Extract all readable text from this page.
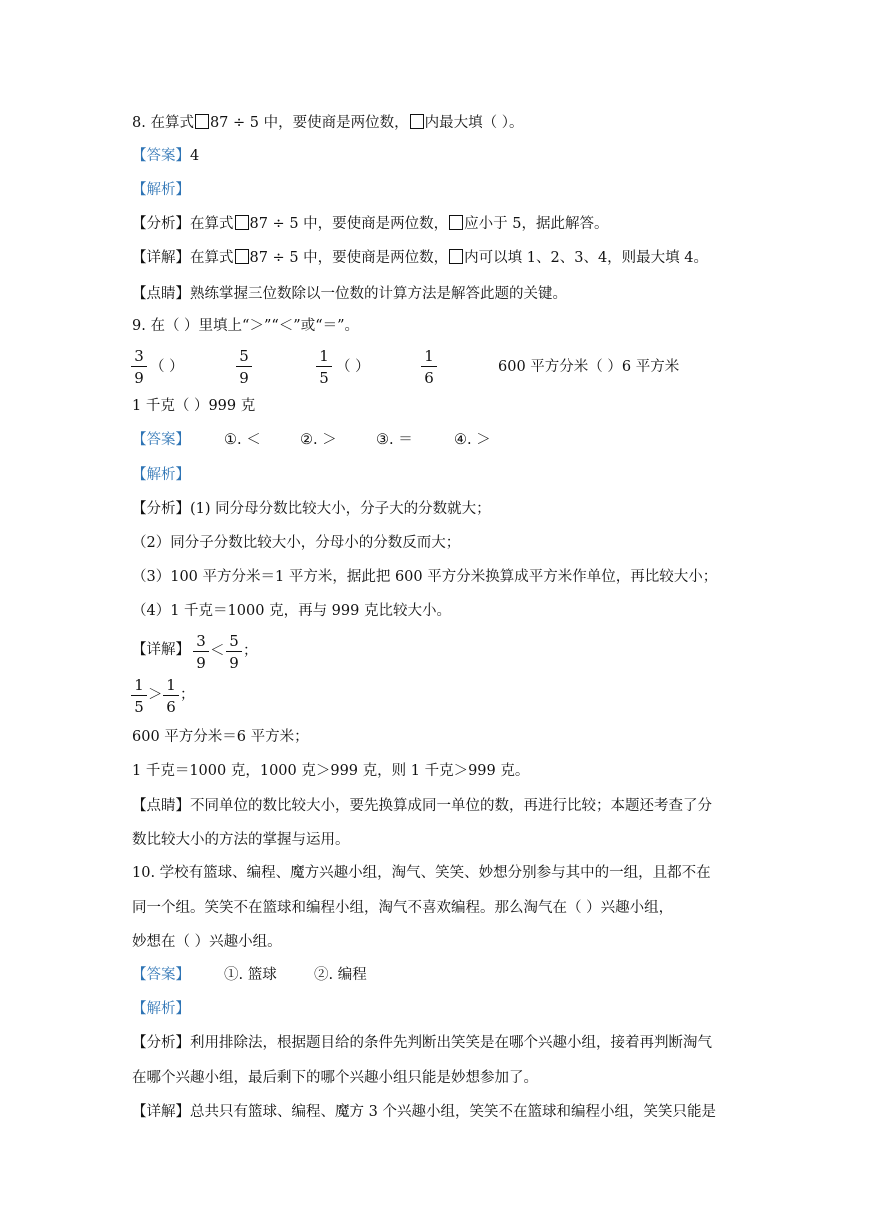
8. 在算式 87 ÷ 5 中，要使商是两位数， 内最大填（ ）。
【答案】4
【解析】
【分析】在算式 87 ÷ 5 中，要使商是两位数， 应小于 5，据此解答。
【详解】在算式 87 ÷ 5 中，要使商是两位数， 内可以填 1、2、3、4，则最大填 4。
【点睛】熟练掌握三位数除以一位数的计算方法是解答此题的关键。
9. 在（ ）里填上“＞”“＜”或“＝”。
$\frac{3}{9}$ （ ）	$\frac{5}{9}$	$\frac{1}{5}$ （ ）	$\frac{1}{6}$	600 平方分米（ ）6 平方米
1 千克（ ）999 克
【答案】 ①. ＜	②. ＞	③. ＝	④. ＞
【解析】
【分析】(1) 同分母分数比较大小，分子大的分数就大；
（2）同分子分数比较大小，分母小的分数反而大；
（3）100 平方分米＝1 平方米，据此把 600 平方分米换算成平方米作单位，再比较大小；
（4）1 千克＝1000 克，再与 999 克比较大小。
【详解】 $\frac{3}{9} < \frac{5}{9}$ ；
$\frac{1}{5} > \frac{1}{6}$ ；
600 平方分米＝6 平方米；
1 千克＝1000 克，1000 克＞999 克，则 1 千克＞999 克。
【点睛】不同单位的数比较大小，要先换算成同一单位的数，再进行比较；本题还考查了分
数比较大小的方法的掌握与运用。
10. 学校有篮球、编程、魔方兴趣小组，淘气、笑笑、妙想分别参与其中的一组，且都不在
同一个组。笑笑不在篮球和编程小组，淘气不喜欢编程。那么淘气在（ ）兴趣小组，
妙想在（ ）兴趣小组。
【答案】 ①. 篮球	②. 编程
【解析】
【分析】利用排除法，根据题目给的条件先判断出笑笑是在哪个兴趣小组，接着再判断淘气
在哪个兴趣小组，最后剩下的哪个兴趣小组只能是妙想参加了。
【详解】总共只有篮球、编程、魔方 3 个兴趣小组，笑笑不在篮球和编程小组，笑笑只能是
